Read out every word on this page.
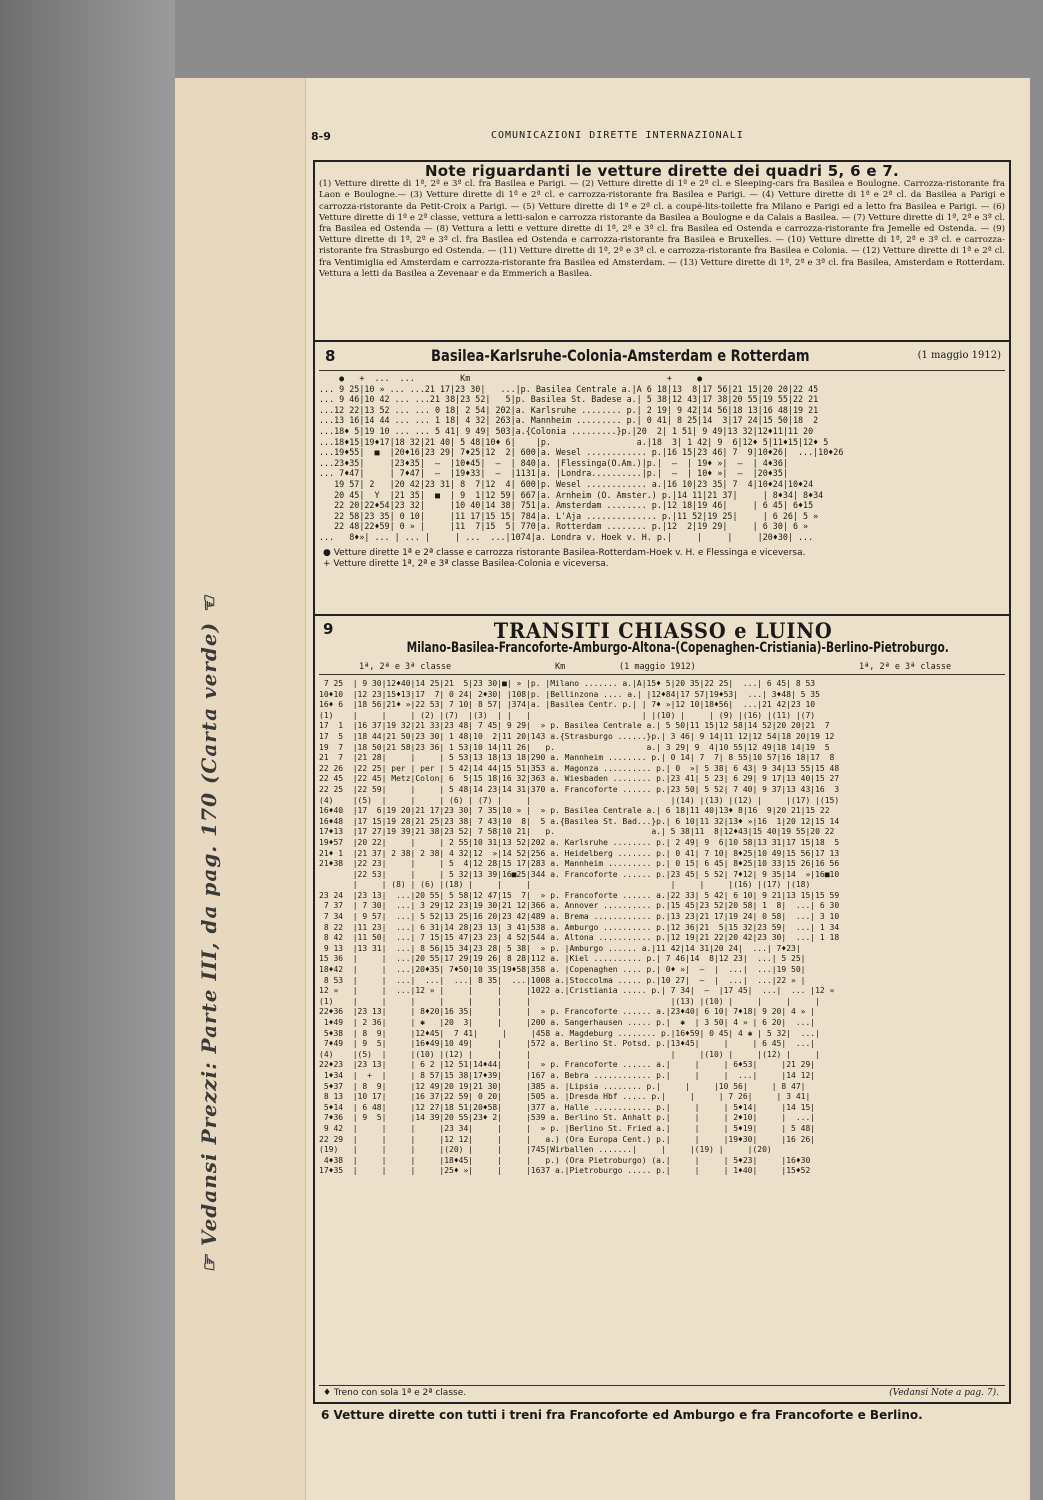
☞ Vedansi Prezzi: Parte III, da pag. 170 (Carta verde) ☜
8-9	COMUNICAZIONI DIRETTE INTERNAZIONALI
Note riguardanti le vetture dirette dei quadri 5, 6 e 7.
(1) Vetture dirette di 1ª, 2ª e 3ª cl. fra Basilea e Parigi. — (2) Vetture dirette di 1ª e 2ª cl. e Sleeping-cars fra Basilea e Boulogne. Carrozza-ristorante fra Laon e Boulogne.— (3) Vetture dirette di 1ª e 2ª cl. e carrozza-ristorante fra Basilea e Parigi. — (4) Vetture dirette di 1ª e 2ª cl. da Basilea a Parigi e carrozza-ristorante da Petit-Croix a Parigi. — (5) Vetture dirette di 1ª e 2ª cl. a coupé-lits-toilette fra Milano e Parigi ed a letto fra Basilea e Parigi. — (6) Vetture dirette di 1ª e 2ª classe, vettura a letti-salon e carrozza ristorante da Basilea a Boulogne e da Calais a Basilea. — (7) Vetture dirette di 1ª, 2ª e 3ª cl. fra Basilea ed Ostenda — (8) Vettura a letti e vetture dirette di 1ª, 2ª e 3ª cl. fra Basilea ed Ostenda e carrozza-ristorante fra Jemelle ed Ostenda. — (9) Vetture dirette di 1ª, 2ª e 3ª cl. fra Basilea ed Ostenda e carrozza-ristorante fra Basilea e Bruxelles. — (10) Vetture dirette di 1ª, 2ª e 3ª cl. e carrozza-ristorante fra Strasburgo ed Ostenda. — (11) Vetture dirette di 1ª, 2ª e 3ª cl. e carrozza-ristorante fra Basilea e Colonia. — (12) Vetture dirette di 1ª e 2ª cl. fra Ventimiglia ed Amsterdam e carrozza-ristorante fra Basilea ed Amsterdam. — (13) Vetture dirette di 1ª, 2ª e 3ª cl. fra Basilea, Amsterdam e Rotterdam. Vettura a letti da Basilea a Zevenaar e da Emmerich a Basilea.
8	Basilea-Karlsruhe-Colonia-Amsterdam e Rotterdam	(1 maggio 1912)
●   +  ...  ...         Km                                       +     ●
... 9 25|10 » ... ...21 17|23 30|   ...|p. Basilea Centrale a.|A 6 18|13  8|17 56|21 15|20 20|22 45
... 9 46|10 42 ... ...21 38|23 52|   5|p. Basilea St. Badese a.| 5 38|12 43|17 38|20 55|19 55|22 21
...12 22|13 52 ... ... 0 18| 2 54| 202|a. Karlsruhe ........ p.| 2 19| 9 42|14 56|18 13|16 48|19 21
...13 16|14 44 ... ... 1 18| 4 32| 263|a. Mannheim ......... p.| 0 41| 8 25|14  3|17 24|15 50|18  2
...18♦ 5|19 10 ... ... 5 41| 9 49| 503|a.{Colonia .........}p.|20  2| 1 51| 9 49|13 32|12♦11|11 20
...18♦15|19♦17|18 32|21 40| 5 48|10♦ 6|    |p.                 a.|18  3| 1 42| 9  6|12♦ 5|11♦15|12♦ 5
...19♦55|  ■  |20♦16|23 29| 7♦25|12  2| 600|a. Wesel ............ p.|16 15|23 46| 7  9|10♦26|  ...|10♦26
...23♦35|     |23♦35|  —  |10♦45|  —  | 840|a. |Flessinga(O.Am.)|p.|  —  | 19♦ »|  —  | 4♦36|
... 7♦47|     | 7♦47|  —  |19♦33|  —  |1131|a. |Londra..........|p.|  —  | 10♦ »|  —  |20♦35|
19 57| 2   |20 42|23 31| 8  7|12  4| 600|p. Wesel ............ a.|16 10|23 35| 7  4|10♦24|10♦24
20 45|  Y  |21 35|  ■  | 9  1|12 59| 667|a. Arnheim (O. Amster.) p.|14 11|21 37|     | 8♦34| 8♦34
22 20|22♦54|23 32|     |10 40|14 38| 751|a. Amsterdam ........ p.|12 18|19 46|     | 6 45| 6♦15
22 58|23 35| 0 10|     |11 17|15 15| 784|a. L'Aja .............. p.|11 52|19 25|     | 6 26| 5 »
22 48|22♦59| 0 » |     |11  7|15  5| 770|a. Rotterdam ........ p.|12  2|19 29|     | 6 30| 6 »
...   8♦»| ... | ... |     | ...  ...|1074|a. Londra v. Hoek v. H. p.|     |     |     |20♦30| ...
● Vetture dirette 1ª e 2ª classe e carrozza ristorante Basilea-Rotterdam-Hoek v. H. e Flessinga e viceversa.
+ Vetture dirette 1ª, 2ª e 3ª classe Basilea-Colonia e viceversa.
9	TRANSITI CHIASSO e LUINO
Milano-Basilea-Francoforte-Amburgo-Altona-(Copenaghen-Cristiania)-Berlino-Pietroburgo.
1ª, 2ª e 3ª classe	Km	(1 maggio 1912)	1ª, 2ª e 3ª classe
7 25  | 9 30|12♦40|14 25|21  5|23 30|■| » |p. |Milano ....... a.|A|15♦ 5|20 35|22 25|  ...| 6 45| 8 53
10♦10  |12 23|15♦13|17  7| 0 24| 2♦30| |108|p. |Bellinzona .... a.| |12♦84|17 57|19♦53|  ...| 3♦48| 5 35
16♦ 6  |18 56|21♦ »|22 53| 7 10| 8 57| |374|a. |Basilea Centr. p.| | 7♦ »|12 10|18♦56|  ...|21 42|23 10
(1)    |     |     | (2) |(7)  |(3)  | |   |                       | |(10) |     | (9) |(16) |(11) |(7)
17  1  |16 37|19 32|21 33|23 48| 7 45| 9 29|  » p. Basilea Centrale a.| 5 50|11 15|12 58|14 52|20 20|21  7
17  5  |18 44|21 50|23 30| 1 48|10  2|11 20|143 a.{Strasburgo ......}p.| 3 46| 9 14|11 12|12 54|18 20|19 12
19  7  |18 50|21 58|23 36| 1 53|10 14|11 26|   p.                   a.| 3 29| 9  4|10 55|12 49|18 14|19  5
21  7  |21 28|     |     | 5 53|13 18|13 18|290 a. Mannheim ........ p.| 0 14| 7  7| 8 55|10 57|16 18|17  8
22 26  |22 25| per | per | 5 42|14 44|15 51|353 a. Magonza .......... p.| 0  »| 5 38| 6 43| 9 34|13 55|15 48
22 45  |22 45| Metz|Colon| 6  5|15 18|16 32|363 a. Wiesbaden ........ p.|23 41| 5 23| 6 29| 9 17|13 40|15 27
22 25  |22 59|     |     | 5 48|14 23|14 31|370 a. Francoforte ...... p.|23 50| 5 52| 7 40| 9 37|13 43|16  3
(4)    |(5)  |     |     | (6) | (7) |     |                             |(14) |(13) |(12) |     |(17) |(15)
16♦40  |17  6|19 20|21 17|23 30| 7 35|10 » |  » p. Basilea Centrale a.| 6 18|11 40|13♦ 8|16  9|20 21|15 22
16♦48  |17 15|19 28|21 25|23 38| 7 43|10  8|  5 a.{Basilea St. Bad...}p.| 6 10|11 32|13♦ »|16  1|20 12|15 14
17♦13  |17 27|19 39|21 38|23 52| 7 58|10 21|   p.                    a.| 5 38|11  8|12♦43|15 40|19 55|20 22
19♦57  |20 22|     |     | 2 55|10 31|13 52|202 a. Karlsruhe ........ p.| 2 49| 9  6|10 58|13 31|17 15|18  5
21♦ 1  |21 37| 2 38| 2 38| 4 32|12  »|14 52|256 a. Heidelberg ....... p.| 0 41| 7 10| 8♦25|10 49|15 56|17 13
21♦38  |22 23|     |     | 5  4|12 28|15 17|283 a. Mannheim ......... p.| 0 15| 6 45| 8♦25|10 33|15 26|16 56
|22 53|     |     | 5 32|13 39|16■25|344 a. Francoforte ...... p.|23 45| 5 52| 7♦12| 9 35|14  »|16■10
|     | (8) | (6) |(18) |     |     |                             |     |     |(16) |(17) |(18)
23 24  |23 13|  ...|20 55| 5 58|12 47|15  7|  » p. Francoforte ...... a.|22 33| 5 42| 6 10| 9 21|13 15|15 59
7 37  | 7 30|  ...| 3 29|12 23|19 30|21 12|366 a. Annover .......... p.|15 45|23 52|20 58| 1  8|  ...| 6 30
7 34  | 9 57|  ...| 5 52|13 25|16 20|23 42|489 a. Brema ............ p.|13 23|21 17|19 24| 0 58|  ...| 3 10
8 22  |11 23|  ...| 6 31|14 28|23 13| 3 41|538 a. Amburgo .......... p.|12 36|21  5|15 32|23 59|  ...| 1 34
8 42  |11 50|  ...| 7 15|15 47|23 23| 4 52|544 a. Altona ........... p.|12 19|21 22|20 42|23 30|  ...| 1 18
9 13  |13 31|  ...| 8 56|15 34|23 28| 5 38|  » p. |Amburgo ...... a.|11 42|14 31|20 24|  ...| 7♦23|
15 36  |     |  ...|20 55|17 29|19 26| 8 28|112 a. |Kiel .......... p.| 7 46|14  8|12 23|  ...| 5 25|
18♦42  |     |  ...|20♦35| 7♦50|10 35|19♦58|358 a. |Copenaghen .... p.| 0♦ »|  —  |  ...|  ...|19 50|
8 53  |     |  ...|  ...|  ...| 8 35|  ...|1008 a.|Stoccolma ..... p.|10 27|  —  |  ...|  ...|22 » |
12 »   |     |  ...|12 » |     |     |     |1022 a.|Cristiania ..... p.| 7 34|  —  |17 45|  ...|  ... |12 »
(1)    |     |     |     |     |     |     |                             |(13) |(10) |     |     |     |
22♦36  |23 13|     | 8♦20|16 35|     |     |  » p. Francoforte ...... a.|23♦40| 6 10| 7♦18| 9 20| 4 » |
1♦49  | 2 36|     | ✱   |20  3|     |     |200 a. Sangerhausen ..... p.|  ✱  | 3 50| 4 » | 6 20|  ...|
5♦38  | 8  9|     |12♦45|  7 41|     |     |458 a. Magdeburg ........ p.|16♦59| 0 45| 4 ✱ | 5 32|  ...|
7♦49  | 9  5|     |16♦49|10 49|     |     |572 a. Berlino St. Potsd. p.|13♦45|     |     | 6 45|  ...|
(4)    |(5)  |     |(10) |(12) |     |     |                             |     |(10) |     |(12) |     |
22♦23  |23 13|     | 6 2 |12 51|14♦44|     |  » p. Francoforte ...... a.|     |     | 6♦53|     |21 29|
1♦34  |  +  |     | 8 57|15 38|17♦39|     |167 a. Bebra ............ p.|     |     |  ...|     |14 12|
5♦37  | 8  9|     |12 49|20 19|21 30|     |385 a. |Lipsia ........ p.|     |     |10 56|     | 8 47|
8 13  |10 17|     |16 37|22 59| 0 20|     |505 a. |Dresda Hbf ..... p.|     |     | 7 26|     | 3 41|
5♦14  | 6 48|     |12 27|18 51|20♦58|     |377 a. Halle ............ p.|     |     | 5♦14|     |14 15|
7♦36  | 9  5|     |14 39|20 55|23♦ 2|     |539 a. Berlino St. Anhalt p.|     |     | 2♦10|     |  ...|
9 42  |     |     |     |23 34|     |     |  » p. |Berlino St. Fried a.|     |     | 5♦19|     | 5 48|
22 29  |     |     |     |12 12|     |     |   a.) (Ora Europa Cent.) p.|     |     |19♦30|     |16 26|
(19)   |     |     |     |(20) |     |     |745|Wirballen .......|     |     |(19) |     |(20)
4♦38  |     |     |     |18♦45|     |     |   p.) (Ora Pietroburgo) (a.|     |     | 5♦23|     |16♦30
17♦35  |     |     |     |25♦ »|     |     |1637 a.|Pietroburgo ..... p.|     |     | 1♦40|     |15♦52
♦ Treno con sola 1ª e 2ª classe.	(Vedansi Note a pag. 7).
6 Vetture dirette con tutti i treni fra Francoforte ed Amburgo e fra Francoforte e Berlino.
